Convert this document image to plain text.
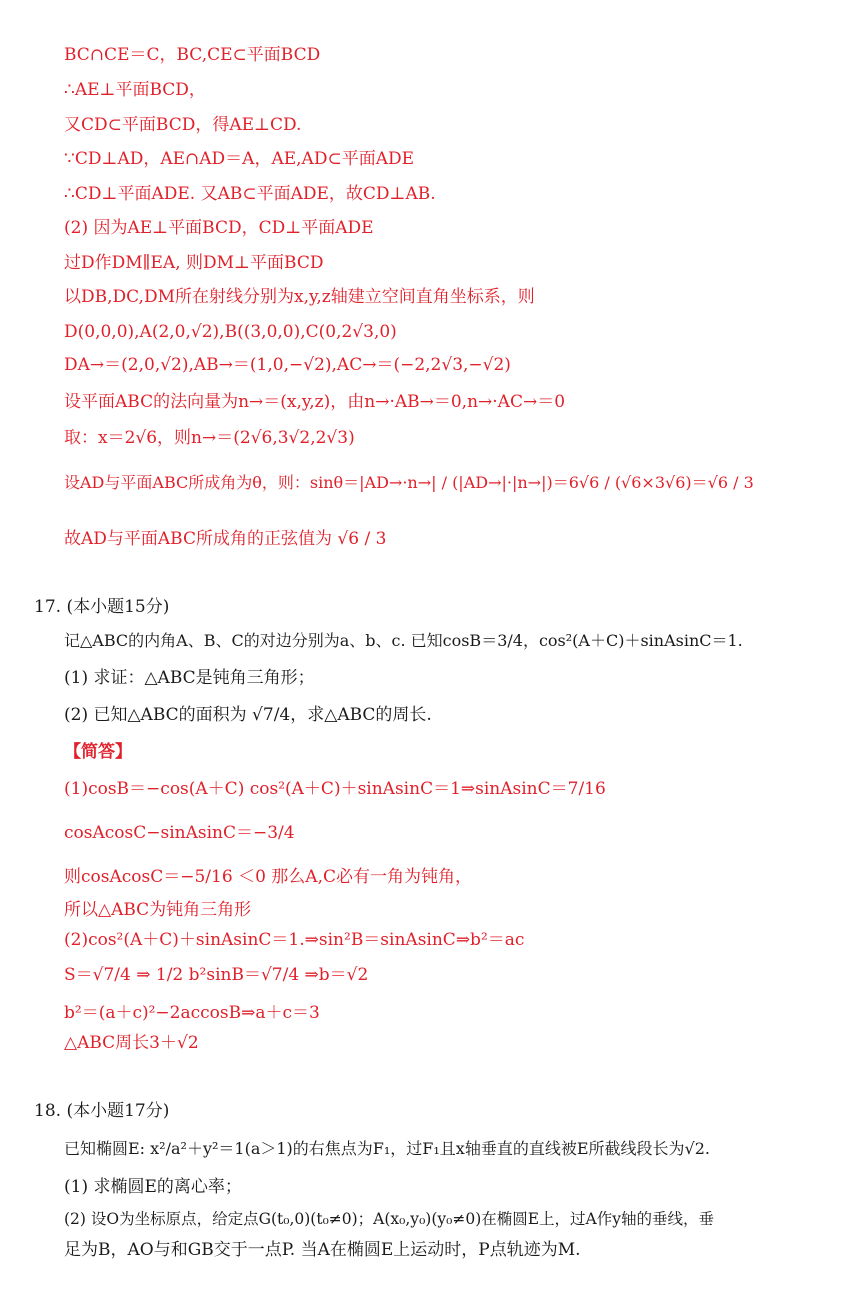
BC∩CE＝C，BC,CE⊂平面BCD
∴AE⊥平面BCD，
又CD⊂平面BCD，得AE⊥CD.
∵CD⊥AD，AE∩AD＝A，AE,AD⊂平面ADE
∴CD⊥平面ADE. 又AB⊂平面ADE，故CD⊥AB.
(2) 因为AE⊥平面BCD，CD⊥平面ADE
过D作DM∥EA, 则DM⊥平面BCD
以DB,DC,DM所在射线分别为x,y,z轴建立空间直角坐标系，则
D(0,0,0),A(2,0,√2),B((3,0,0),C(0,2√3,0)
DA→＝(2,0,√2),AB→＝(1,0,−√2),AC→＝(−2,2√3,−√2)
设平面ABC的法向量为n→＝(x,y,z)，由n→·AB→＝0,n→·AC→＝0
取：x＝2√6，则n→＝(2√6,3√2,2√3)
设AD与平面ABC所成角为θ，则：sinθ＝|AD→·n→| / (|AD→|·|n→|)＝6√6 / (√6×3√6)＝√6 / 3
故AD与平面ABC所成角的正弦值为 √6 / 3
17. (本小题15分)
记△ABC的内角A、B、C的对边分别为a、b、c. 已知cosB＝3/4，cos²(A＋C)＋sinAsinC＝1.
(1) 求证：△ABC是钝角三角形；
(2) 已知△ABC的面积为 √7/4，求△ABC的周长.
【简答】
(1)cosB＝−cos(A＋C) cos²(A＋C)＋sinAsinC＝1⇒sinAsinC＝7/16
cosAcosC−sinAsinC＝−3/4
则cosAcosC＝−5/16 ＜0 那么A,C必有一角为钝角，
所以△ABC为钝角三角形
(2)cos²(A＋C)＋sinAsinC＝1.⇒sin²B＝sinAsinC⇒b²＝ac
S＝√7/4 ⇒ 1/2 b²sinB＝√7/4 ⇒b＝√2
b²＝(a＋c)²−2accosB⇒a＋c＝3
△ABC周长3＋√2
18. (本小题17分)
已知椭圆E: x²/a²＋y²＝1(a＞1)的右焦点为F₁，过F₁且x轴垂直的直线被E所截线段长为√2.
(1) 求椭圆E的离心率；
(2) 设O为坐标原点，给定点G(t₀,0)(t₀≠0)；A(x₀,y₀)(y₀≠0)在椭圆E上，过A作y轴的垂线，垂
足为B，AO与和GB交于一点P. 当A在椭圆E上运动时，P点轨迹为M.
